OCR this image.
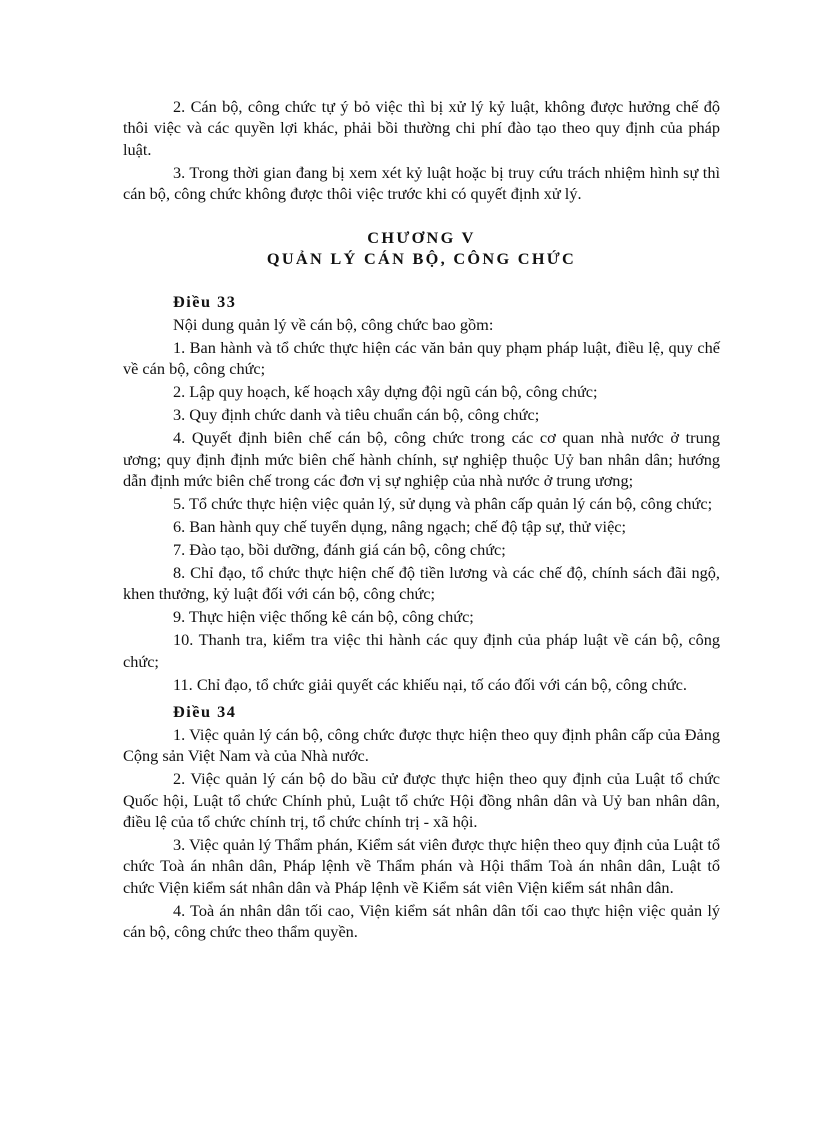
2. Cán bộ, công chức tự ý bỏ việc thì bị xử lý kỷ luật, không được hưởng chế độ thôi việc và các quyền lợi khác, phải bồi thường chi phí đào tạo theo quy định của pháp luật.

3. Trong thời gian đang bị xem xét kỷ luật hoặc bị truy cứu trách nhiệm hình sự thì cán bộ, công chức không được thôi việc trước khi có quyết định xử lý.

CHƯƠNG V
QUẢN LÝ CÁN BỘ, CÔNG CHỨC
Điều 33

Nội dung quản lý về cán bộ, công chức bao gồm:

1. Ban hành và tổ chức thực hiện các văn bản quy phạm pháp luật, điều lệ, quy chế về cán bộ, công chức;

2. Lập quy hoạch, kế hoạch xây dựng đội ngũ cán bộ, công chức;

3. Quy định chức danh và tiêu chuẩn cán bộ, công chức;

4. Quyết định biên chế cán bộ, công chức trong các cơ quan nhà nước ở trung ương; quy định định mức biên chế hành chính, sự nghiệp thuộc Uỷ ban nhân dân; hướng dẫn định mức biên chế trong các đơn vị sự nghiệp của nhà nước ở trung ương;

5. Tổ chức thực hiện việc quản lý, sử dụng và phân cấp quản lý cán bộ, công chức;

6. Ban hành quy chế tuyển dụng, nâng ngạch; chế độ tập sự, thử việc;

7. Đào tạo, bồi dưỡng, đánh giá cán bộ, công chức;

8. Chỉ đạo, tổ chức thực hiện chế độ tiền lương và các chế độ, chính sách đãi ngộ, khen thưởng, kỷ luật đối với cán bộ, công chức;

9. Thực hiện việc thống kê cán bộ, công chức;

10. Thanh tra, kiểm tra việc thi hành các quy định của pháp luật về cán bộ, công chức;

11. Chỉ đạo, tổ chức giải quyết các khiếu nại, tố cáo đối với cán bộ, công chức.

Điều 34

1. Việc quản lý cán bộ, công chức được thực hiện theo quy định phân cấp của Đảng Cộng sản Việt Nam và của Nhà nước.

2. Việc quản lý cán bộ do bầu cử được thực hiện theo quy định của Luật tổ chức Quốc hội, Luật tổ chức Chính phủ, Luật tổ chức Hội đồng nhân dân và Uỷ ban nhân dân, điều lệ của tổ chức chính trị, tổ chức chính trị - xã hội.

3. Việc quản lý Thẩm phán, Kiểm sát viên được thực hiện theo quy định của Luật tổ chức Toà án nhân dân, Pháp lệnh về Thẩm phán và Hội thẩm Toà án nhân dân, Luật tổ chức Viện kiểm sát nhân dân và Pháp lệnh về Kiểm sát viên Viện kiểm sát nhân dân.

4. Toà án nhân dân tối cao, Viện kiểm sát nhân dân tối cao thực hiện việc quản lý cán bộ, công chức theo thẩm quyền.
